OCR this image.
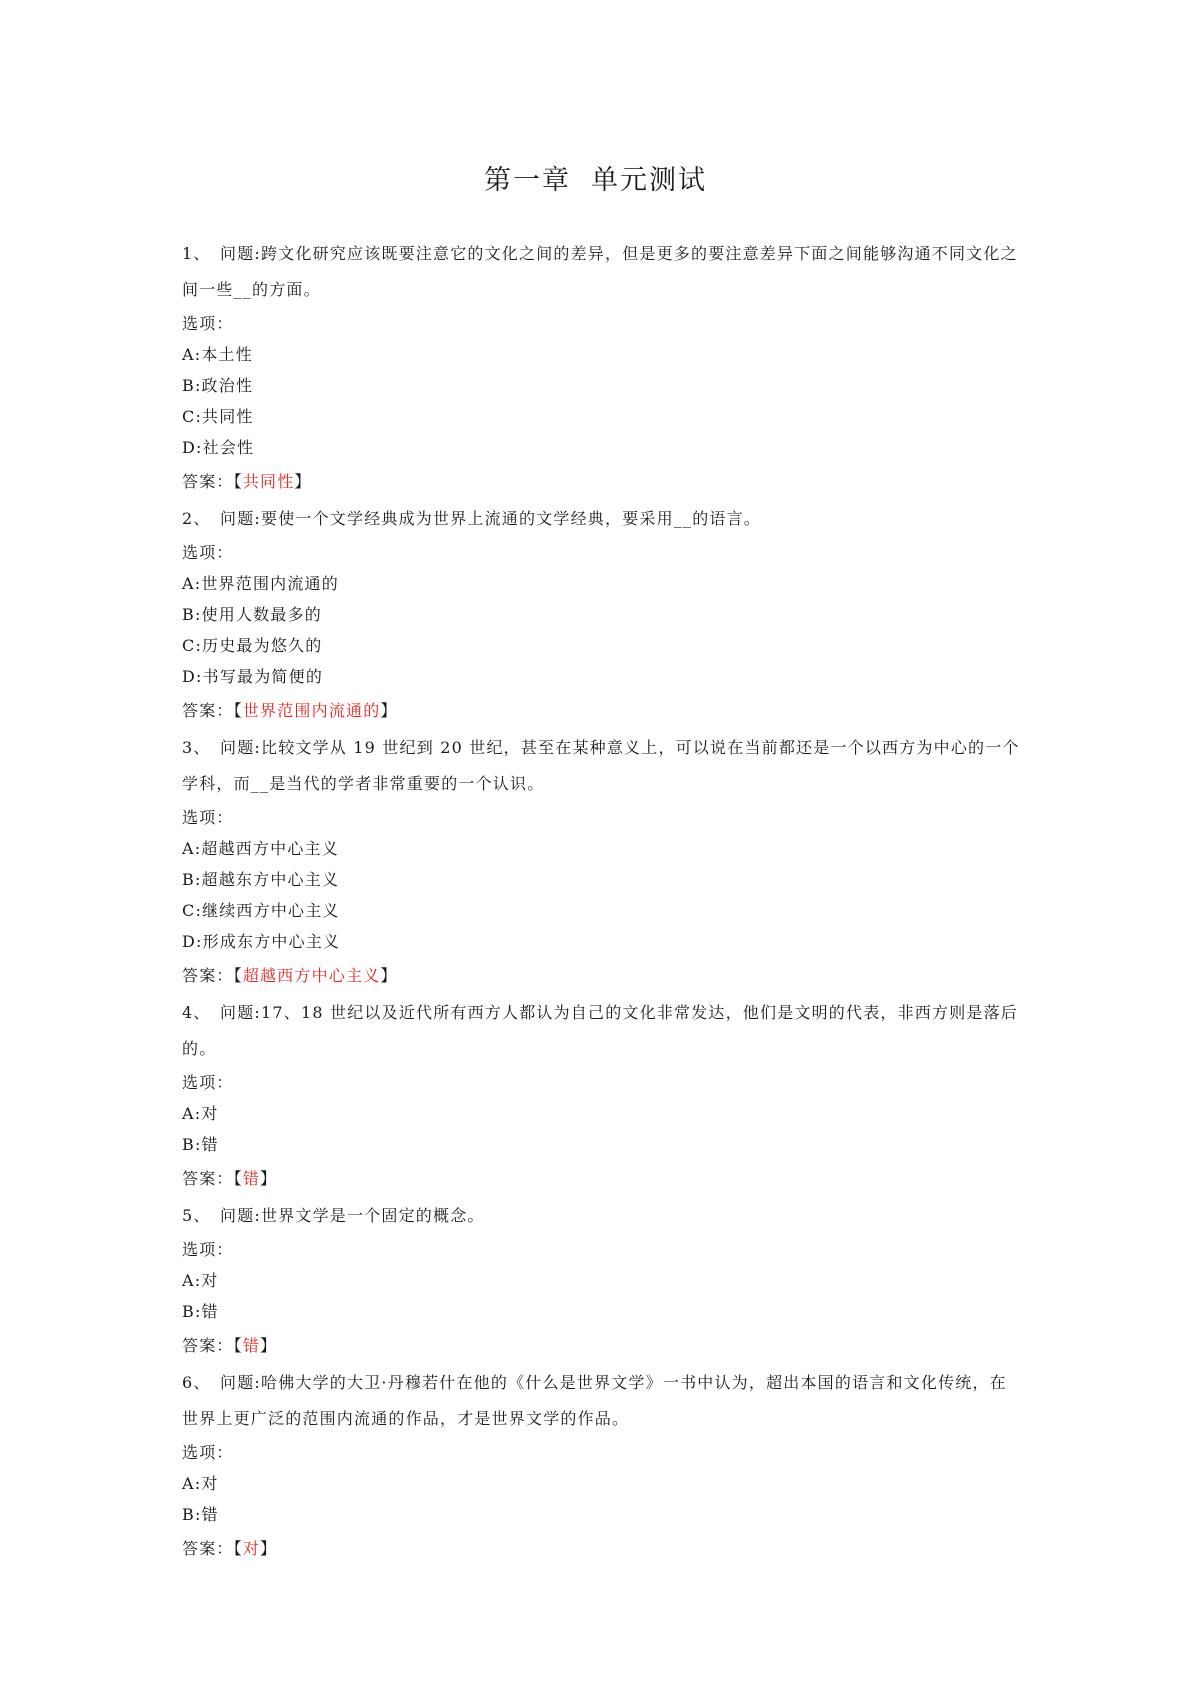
第一章 单元测试
1、 问题:跨文化研究应该既要注意它的文化之间的差异，但是更多的要注意差异下面之间能够沟通不同文化之间一些__的方面。
选项：
A:本土性
B:政治性
C:共同性
D:社会性
答案：【共同性】
2、 问题:要使一个文学经典成为世界上流通的文学经典，要采用__的语言。
选项：
A:世界范围内流通的
B:使用人数最多的
C:历史最为悠久的
D:书写最为简便的
答案：【世界范围内流通的】
3、 问题:比较文学从 19 世纪到 20 世纪，甚至在某种意义上，可以说在当前都还是一个以西方为中心的一个学科，而__是当代的学者非常重要的一个认识。
选项：
A:超越西方中心主义
B:超越东方中心主义
C:继续西方中心主义
D:形成东方中心主义
答案：【超越西方中心主义】
4、 问题:17、18 世纪以及近代所有西方人都认为自己的文化非常发达，他们是文明的代表，非西方则是落后的。
选项：
A:对
B:错
答案：【错】
5、 问题:世界文学是一个固定的概念。
选项：
A:对
B:错
答案：【错】
6、 问题:哈佛大学的大卫·丹穆若什在他的《什么是世界文学》一书中认为，超出本国的语言和文化传统，在世界上更广泛的范围内流通的作品，才是世界文学的作品。
选项：
A:对
B:错
答案：【对】
